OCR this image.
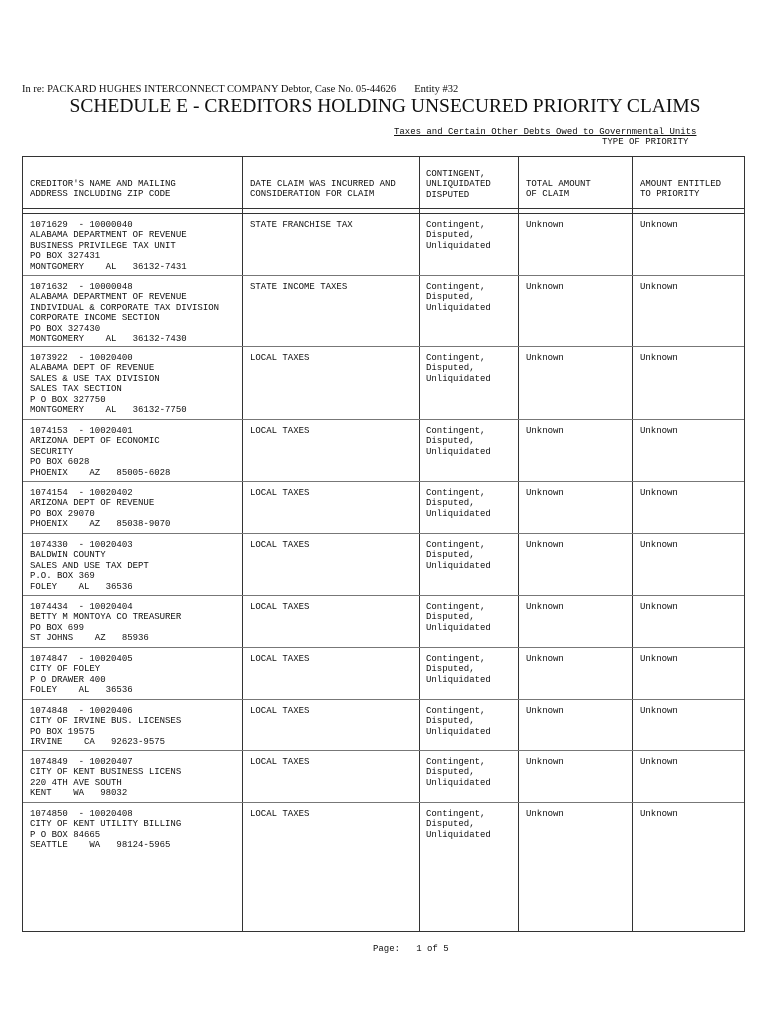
In re: PACKARD HUGHES INTERCONNECT COMPANY Debtor, Case No. 05-44626 Entity #32
SCHEDULE E - CREDITORS HOLDING UNSECURED PRIORITY CLAIMS
Taxes and Certain Other Debts Owed to Governmental Units
TYPE OF PRIORITY
CREDITOR'S NAME AND MAILING
ADDRESS INCLUDING ZIP CODE
DATE CLAIM WAS INCURRED AND
CONSIDERATION FOR CLAIM
CONTINGENT,
UNLIQUIDATED
DISPUTED
TOTAL AMOUNT
OF CLAIM
AMOUNT ENTITLED
TO PRIORITY
1071629  - 10000040
ALABAMA DEPARTMENT OF REVENUE
BUSINESS PRIVILEGE TAX UNIT
PO BOX 327431
MONTGOMERY    AL   36132-7431
STATE FRANCHISE TAX	Contingent,
Disputed,
Unliquidated
Unknown	Unknown
1071632  - 10000048
ALABAMA DEPARTMENT OF REVENUE
INDIVIDUAL & CORPORATE TAX DIVISION
CORPORATE INCOME SECTION
PO BOX 327430
MONTGOMERY    AL   36132-7430
STATE INCOME TAXES	Contingent,
Disputed,
Unliquidated
Unknown	Unknown
1073922  - 10020400
ALABAMA DEPT OF REVENUE
SALES & USE TAX DIVISION
SALES TAX SECTION
P O BOX 327750
MONTGOMERY    AL   36132-7750
LOCAL TAXES	Contingent,
Disputed,
Unliquidated
Unknown	Unknown
1074153  - 10020401
ARIZONA DEPT OF ECONOMIC
SECURITY
PO BOX 6028
PHOENIX    AZ   85005-6028
LOCAL TAXES	Contingent,
Disputed,
Unliquidated
Unknown	Unknown
1074154  - 10020402
ARIZONA DEPT OF REVENUE
PO BOX 29070
PHOENIX    AZ   85038-9070
LOCAL TAXES	Contingent,
Disputed,
Unliquidated
Unknown	Unknown
1074330  - 10020403
BALDWIN COUNTY
SALES AND USE TAX DEPT
P.O. BOX 369
FOLEY    AL   36536
LOCAL TAXES	Contingent,
Disputed,
Unliquidated
Unknown	Unknown
1074434  - 10020404
BETTY M MONTOYA CO TREASURER
PO BOX 699
ST JOHNS    AZ   85936
LOCAL TAXES	Contingent,
Disputed,
Unliquidated
Unknown	Unknown
1074847  - 10020405
CITY OF FOLEY
P O DRAWER 400
FOLEY    AL   36536
LOCAL TAXES	Contingent,
Disputed,
Unliquidated
Unknown	Unknown
1074848  - 10020406
CITY OF IRVINE BUS. LICENSES
PO BOX 19575
IRVINE    CA   92623-9575
LOCAL TAXES	Contingent,
Disputed,
Unliquidated
Unknown	Unknown
1074849  - 10020407
CITY OF KENT BUSINESS LICENS
220 4TH AVE SOUTH
KENT    WA   98032
LOCAL TAXES	Contingent,
Disputed,
Unliquidated
Unknown	Unknown
1074850  - 10020408
CITY OF KENT UTILITY BILLING
P O BOX 84665
SEATTLE    WA   98124-5965
LOCAL TAXES	Contingent,
Disputed,
Unliquidated
Unknown	Unknown
Page: 1 of 5
